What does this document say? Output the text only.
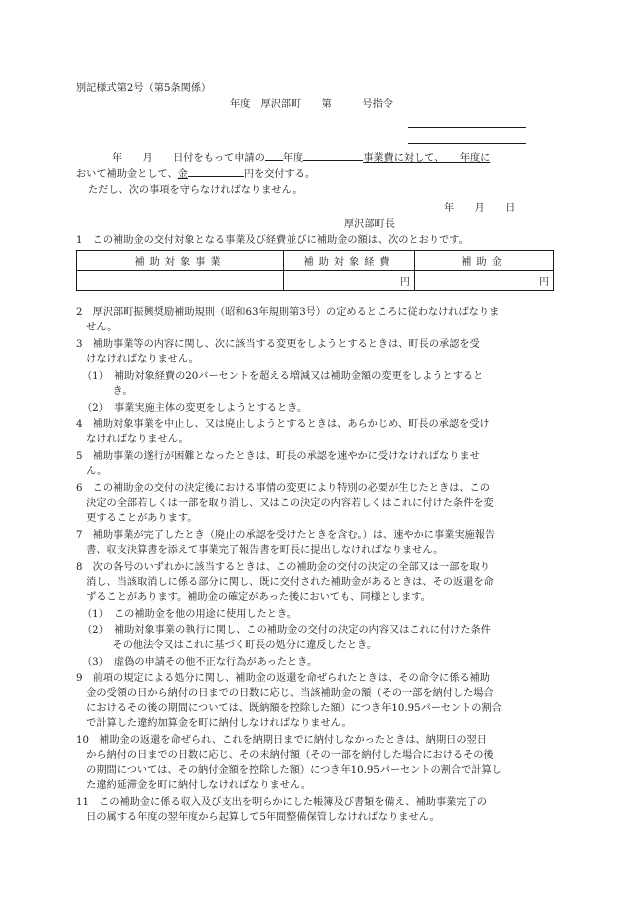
別記様式第2号（第5条関係）
年度　厚沢部町　　第　　　号指令
年　　月　　日付をもって申請の 年度	事業費に対して、　　年度に
おいて補助金として、金	円を交付する。
ただし、次の事項を守らなければなりません。
年　　月　　日
厚沢部町長
1　この補助金の交付対象となる事業及び経費並びに補助金の額は、次のとおりです。
補助対象事業	補助対象経費	補助金
	円	円
2　厚沢部町振興奨励補助規則（昭和63年規則第3号）の定めるところに従わなければなりま
　せん。
3　補助事業等の内容に関し、次に該当する変更をしようとするときは、町長の承認を受
　けなければなりません。
（1）　補助対象経費の20パーセントを超える増減又は補助金額の変更をしようとすると
　　　き。
（2）　事業実施主体の変更をしようとするとき。
4　補助対象事業を中止し、又は廃止しようとするときは、あらかじめ、町長の承認を受け
　なければなりません。
5　補助事業の遂行が困難となったときは、町長の承認を速やかに受けなければなりませ
　ん。
6　この補助金の交付の決定後における事情の変更により特別の必要が生じたときは、この
　決定の全部若しくは一部を取り消し、又はこの決定の内容若しくはこれに付けた条件を変
　更することがあります。
7　補助事業が完了したとき（廃止の承認を受けたときを含む。）は、速やかに事業実施報告
　書、収支決算書を添えて事業完了報告書を町長に提出しなければなりません。
8　次の各号のいずれかに該当するときは、この補助金の交付の決定の全部又は一部を取り
　消し、当該取消しに係る部分に関し、既に交付された補助金があるときは、その返還を命
　ずることがあります。補助金の確定があった後においても、同様とします。
（1）　この補助金を他の用途に使用したとき。
（2）　補助対象事業の執行に関し、この補助金の交付の決定の内容又はこれに付けた条件
　　　その他法令又はこれに基づく町長の処分に違反したとき。
（3）　虚偽の申請その他不正な行為があったとき。
9　前項の規定による処分に関し、補助金の返還を命ぜられたときは、その命令に係る補助
　金の受領の日から納付の日までの日数に応じ、当該補助金の額（その一部を納付した場合
　におけるその後の期間については、既納額を控除した額）につき年10.95パーセントの割合
　で計算した違約加算金を町に納付しなければなりません。
10　補助金の返還を命ぜられ、これを納期日までに納付しなかったときは、納期日の翌日
　から納付の日までの日数に応じ、その未納付額（その一部を納付した場合におけるその後
　の期間については、その納付金額を控除した額）につき年10.95パーセントの割合で計算し
　た違約延滞金を町に納付しなければなりません。
11　この補助金に係る収入及び支出を明らかにした帳簿及び書類を備え、補助事業完了の
　日の属する年度の翌年度から起算して5年間整備保管しなければなりません。
